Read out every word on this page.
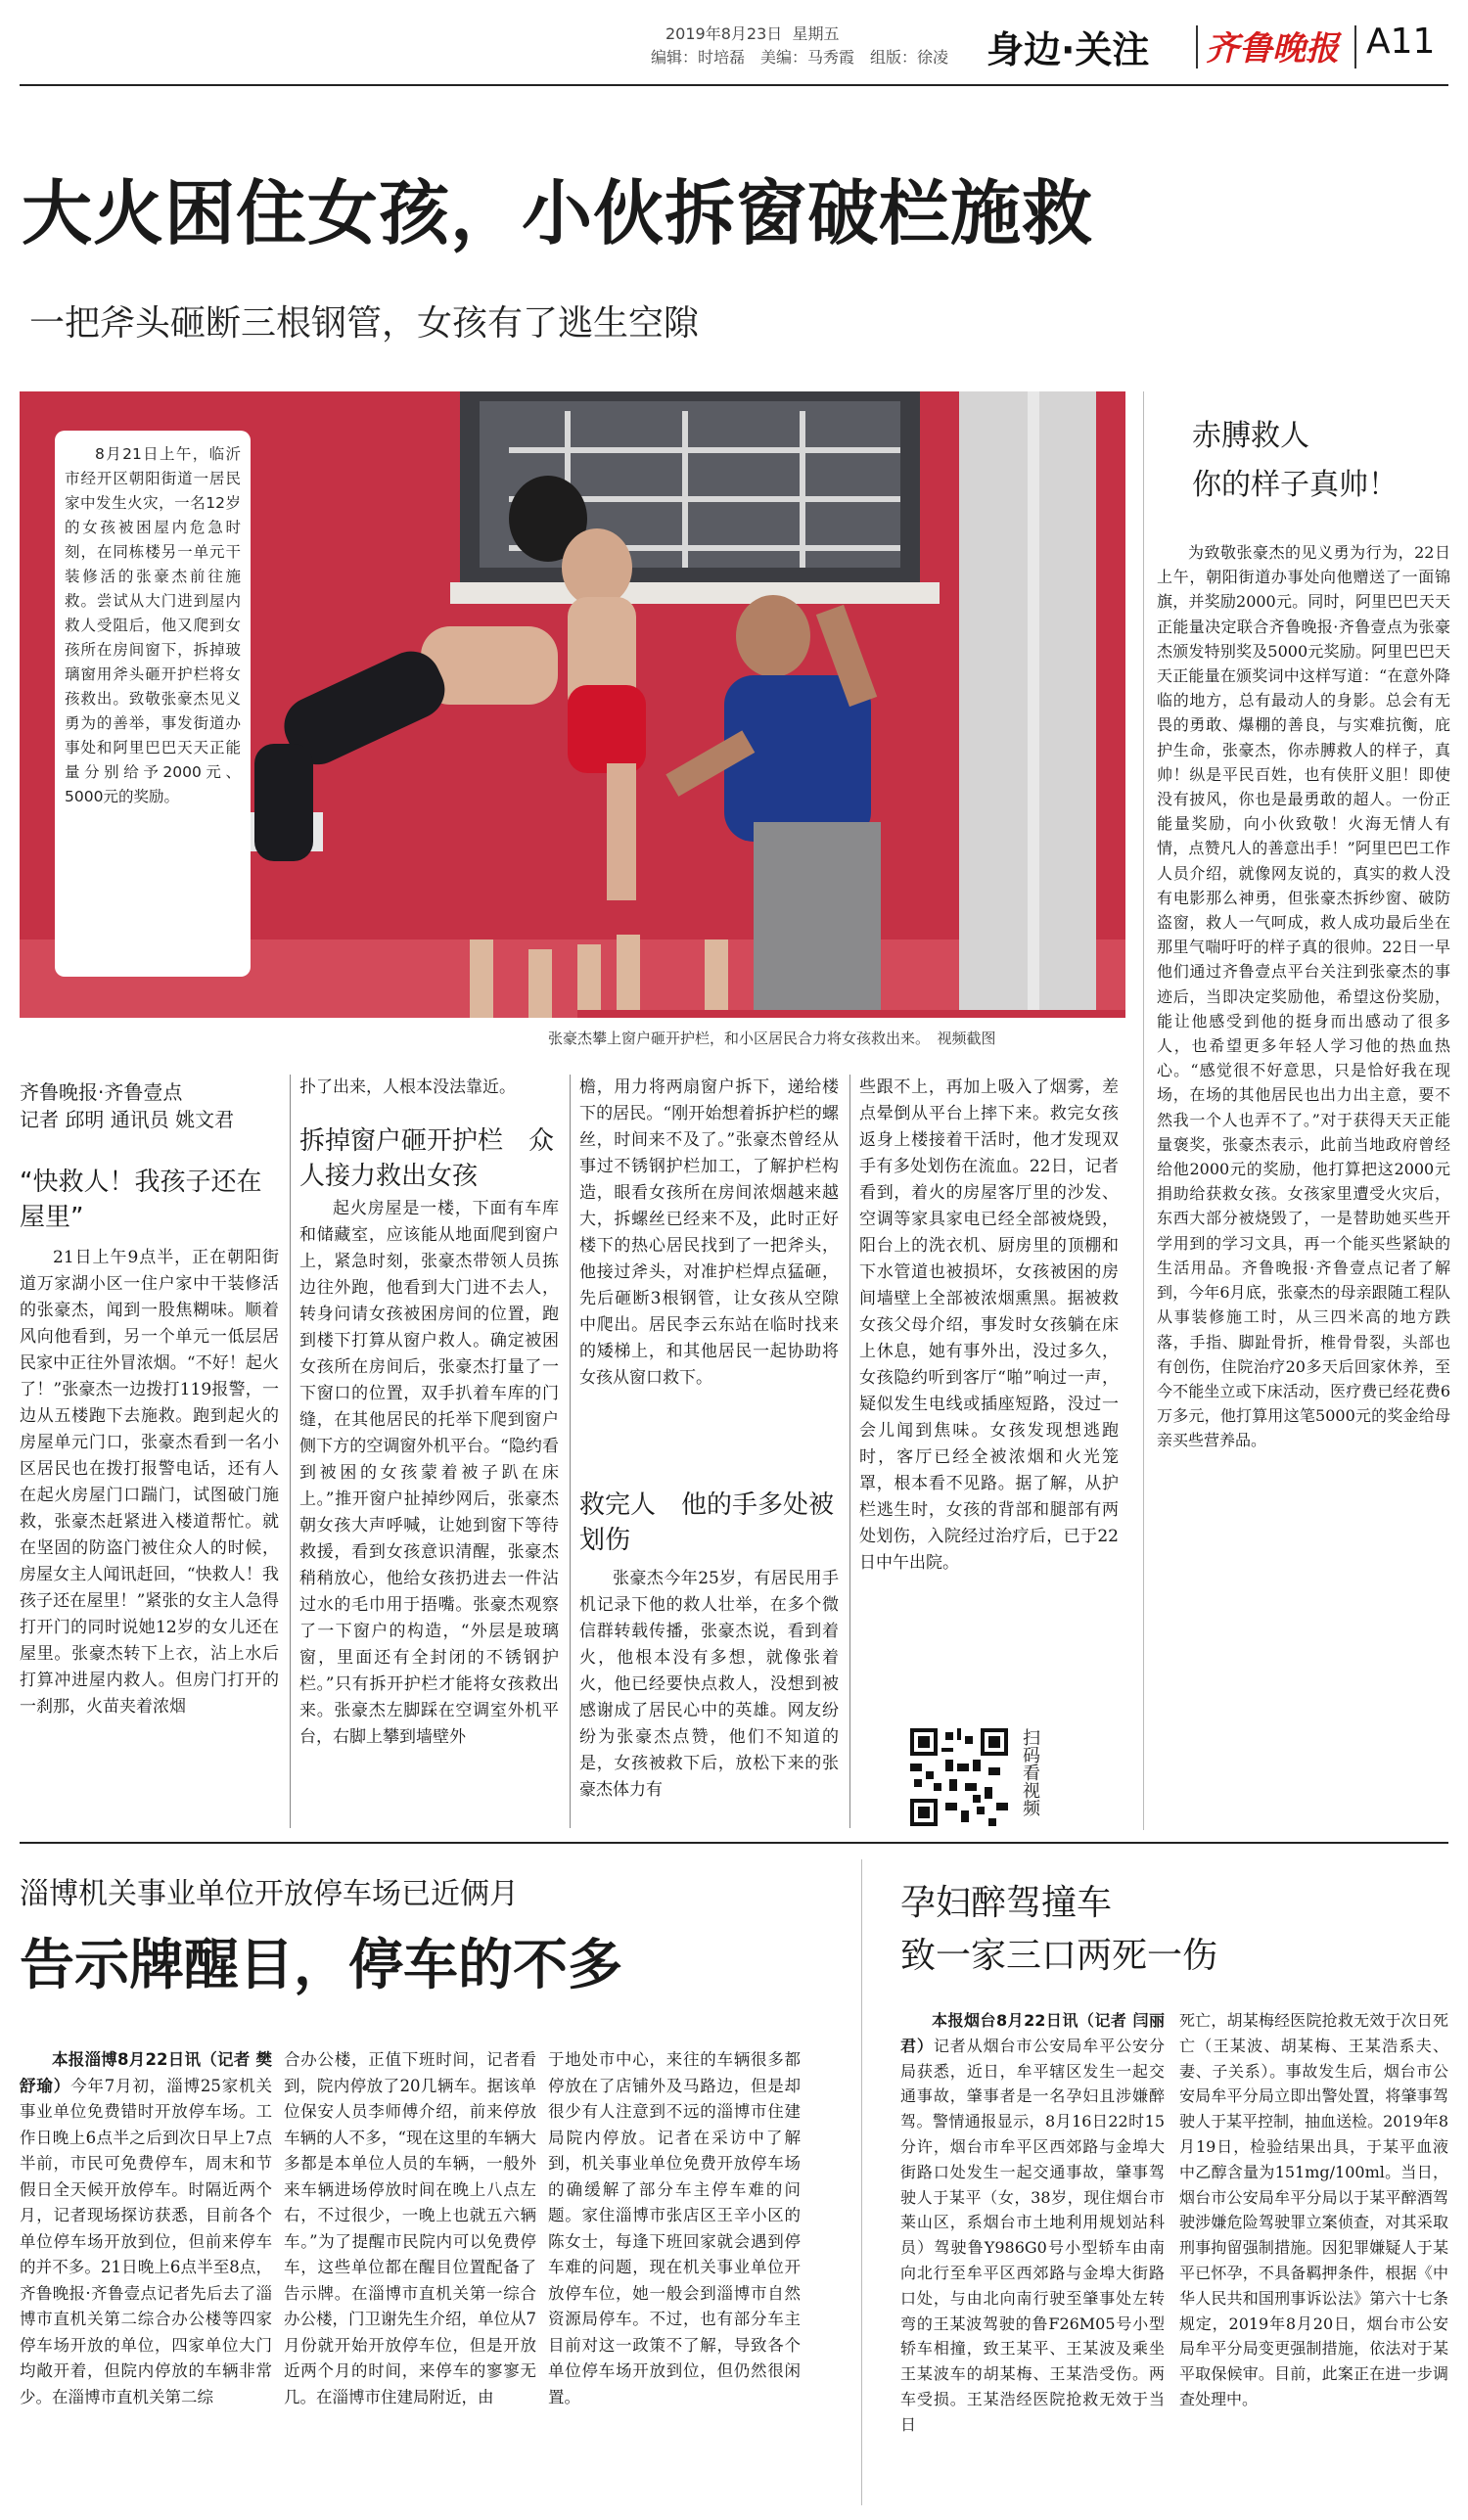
2019年8月23日 星期五
编辑：时培磊　美编：马秀霞　组版：徐凌 身边·关注 齐鲁晚报 A11
大火困住女孩，小伙拆窗破栏施救
一把斧头砸断三根钢管，女孩有了逃生空隙
8月21日上午，临沂市经开区朝阳街道一居民家中发生火灾，一名12岁的女孩被困屋内危急时刻，在同栋楼另一单元干装修活的张豪杰前往施救。尝试从大门进到屋内救人受阻后，他又爬到女孩所在房间窗下，拆掉玻璃窗用斧头砸开护栏将女孩救出。致敬张豪杰见义勇为的善举，事发街道办事处和阿里巴巴天天正能量分别给予2000元、5000元的奖励。
张豪杰攀上窗户砸开护栏，和小区居民合力将女孩救出来。　视频截图
齐鲁晚报·齐鲁壹点
记者 邱明 通讯员 姚文君
“快救人！我孩子还在屋里”

21日上午9点半，正在朝阳街道万家湖小区一住户家中干装修活的张豪杰，闻到一股焦糊味。顺着风向他看到，另一个单元一低层居民家中正往外冒浓烟。“不好！起火了！”张豪杰一边拨打119报警，一边从五楼跑下去施救。跑到起火的房屋单元门口，张豪杰看到一名小区居民也在拨打报警电话，还有人在起火房屋门口踹门，试图破门施救，张豪杰赶紧进入楼道帮忙。就在坚固的防盗门被住众人的时候，房屋女主人闻讯赶回，“快救人！我孩子还在屋里！”紧张的女主人急得打开门的同时说她12岁的女儿还在屋里。张豪杰转下上衣，沾上水后打算冲进屋内救人。但房门打开的一刹那，火苗夹着浓烟

扑了出来，人根本没法靠近。

拆掉窗户砸开护栏　众人接力救出女孩

起火房屋是一楼，下面有车库和储藏室，应该能从地面爬到窗户上，紧急时刻，张豪杰带领人员拣边往外跑，他看到大门进不去人，转身问请女孩被困房间的位置，跑到楼下打算从窗户救人。确定被困女孩所在房间后，张豪杰打量了一下窗口的位置，双手扒着车库的门缝，在其他居民的托举下爬到窗户侧下方的空调窗外机平台。“隐约看到被困的女孩蒙着被子趴在床上。”推开窗户扯掉纱网后，张豪杰朝女孩大声呼喊，让她到窗下等待救援，看到女孩意识清醒，张豪杰稍稍放心，他给女孩扔进去一件沾过水的毛巾用于捂嘴。张豪杰观察了一下窗户的构造，“外层是玻璃窗，里面还有全封闭的不锈钢护栏。”只有拆开护栏才能将女孩救出来。张豪杰左脚踩在空调室外机平台，右脚上攀到墙壁外

檐，用力将两扇窗户拆下，递给楼下的居民。“刚开始想着拆护栏的螺丝，时间来不及了。”张豪杰曾经从事过不锈钢护栏加工，了解护栏构造，眼看女孩所在房间浓烟越来越大，拆螺丝已经来不及，此时正好楼下的热心居民找到了一把斧头，他接过斧头，对准护栏焊点猛砸，先后砸断3根钢管，让女孩从空隙中爬出。居民李云东站在临时找来的矮梯上，和其他居民一起协助将女孩从窗口救下。

救完人　他的手多处被划伤

张豪杰今年25岁，有居民用手机记录下他的救人壮举，在多个微信群转载传播，张豪杰说，看到着火，他根本没有多想，就像张着火，他已经要快点救人，没想到被感谢成了居民心中的英雄。网友纷纷为张豪杰点赞，他们不知道的是，女孩被救下后，放松下来的张豪杰体力有

些跟不上，再加上吸入了烟雾，差点晕倒从平台上摔下来。救完女孩返身上楼接着干活时，他才发现双手有多处划伤在流血。22日，记者看到，着火的房屋客厅里的沙发、空调等家具家电已经全部被烧毁，阳台上的洗衣机、厨房里的顶棚和下水管道也被损坏，女孩被困的房间墙壁上全部被浓烟熏黑。据被救女孩父母介绍，事发时女孩躺在床上休息，她有事外出，没过多久，女孩隐约听到客厅“啪”响过一声，疑似发生电线或插座短路，没过一会儿闻到焦味。女孩发现想逃跑时，客厅已经全被浓烟和火光笼罩，根本看不见路。据了解，从护栏逃生时，女孩的背部和腿部有两处划伤，入院经过治疗后，已于22日中午出院。

扫码看视频
赤膊救人
你的样子真帅！

为致敬张豪杰的见义勇为行为，22日上午，朝阳街道办事处向他赠送了一面锦旗，并奖励2000元。同时，阿里巴巴天天正能量决定联合齐鲁晚报·齐鲁壹点为张豪杰颁发特别奖及5000元奖励。阿里巴巴天天正能量在颁奖词中这样写道：“在意外降临的地方，总有最动人的身影。总会有无畏的勇敢、爆棚的善良，与实难抗衡，庇护生命，张豪杰，你赤膊救人的样子，真帅！纵是平民百姓，也有侠肝义胆！即使没有披风，你也是最勇敢的超人。一份正能量奖励，向小伙致敬！火海无情人有情，点赞凡人的善意出手！”阿里巴巴工作人员介绍，就像网友说的，真实的救人没有电影那么神勇，但张豪杰拆纱窗、破防盗窗，救人一气呵成，救人成功最后坐在那里气喘吁吁的样子真的很帅。22日一早他们通过齐鲁壹点平台关注到张豪杰的事迹后，当即决定奖励他，希望这份奖励，能让他感受到他的挺身而出感动了很多人，也希望更多年轻人学习他的热血热心。“感觉很不好意思，只是恰好我在现场，在场的其他居民也出力出主意，要不然我一个人也弄不了。”对于获得天天正能量褒奖，张豪杰表示，此前当地政府曾经给他2000元的奖励，他打算把这2000元捐助给获救女孩。女孩家里遭受火灾后，东西大部分被烧毁了，一是替助她买些开学用到的学习文具，再一个能买些紧缺的生活用品。齐鲁晚报·齐鲁壹点记者了解到，今年6月底，张豪杰的母亲跟随工程队从事装修施工时，从三四米高的地方跌落，手指、脚趾骨折，椎骨骨裂，头部也有创伤，住院治疗20多天后回家休养，至今不能坐立或下床活动，医疗费已经花费6万多元，他打算用这笔5000元的奖金给母亲买些营养品。

淄博机关事业单位开放停车场已近俩月
告示牌醒目，停车的不多

本报淄博8月22日讯（记者 樊舒瑜）今年7月初，淄博25家机关事业单位免费错时开放停车场。工作日晚上6点半之后到次日早上7点半前，市民可免费停车，周末和节假日全天候开放停车。时隔近两个月，记者现场探访获悉，目前各个单位停车场开放到位，但前来停车的并不多。21日晚上6点半至8点，齐鲁晚报·齐鲁壹点记者先后去了淄博市直机关第二综合办公楼等四家停车场开放的单位，四家单位大门均敞开着，但院内停放的车辆非常少。在淄博市直机关第二综

合办公楼，正值下班时间，记者看到，院内停放了20几辆车。据该单位保安人员李师傅介绍，前来停放车辆的人不多，“现在这里的车辆大多都是本单位人员的车辆，一般外来车辆进场停放时间在晚上八点左右，不过很少，一晚上也就五六辆车。”为了提醒市民院内可以免费停车，这些单位都在醒目位置配备了告示牌。在淄博市直机关第一综合办公楼，门卫谢先生介绍，单位从7月份就开始开放停车位，但是开放近两个月的时间，来停车的寥寥无几。在淄博市住建局附近，由

于地处市中心，来往的车辆很多都停放在了店铺外及马路边，但是却很少有人注意到不远的淄博市住建局院内停放。记者在采访中了解到，机关事业单位免费开放停车场的确缓解了部分车主停车难的问题。家住淄博市张店区王辛小区的陈女士，每逢下班回家就会遇到停车难的问题，现在机关事业单位开放停车位，她一般会到淄博市自然资源局停车。不过，也有部分车主目前对这一政策不了解，导致各个单位停车场开放到位，但仍然很闲置。

孕妇醉驾撞车
致一家三口两死一伤

本报烟台8月22日讯（记者 闫丽君）记者从烟台市公安局牟平公安分局获悉，近日，牟平辖区发生一起交通事故，肇事者是一名孕妇且涉嫌醉驾。警情通报显示，8月16日22时15分许，烟台市牟平区西郊路与金埠大街路口处发生一起交通事故，肇事驾驶人于某平（女，38岁，现住烟台市莱山区，系烟台市土地利用规划站科员）驾驶鲁Y986G0号小型轿车由南向北行至牟平区西郊路与金埠大街路口处，与由北向南行驶至肇事处左转弯的王某波驾驶的鲁F26M05号小型轿车相撞，致王某平、王某波及乘坐王某波车的胡某梅、王某浩受伤。两车受损。王某浩经医院抢救无效于当日

死亡，胡某梅经医院抢救无效于次日死亡（王某波、胡某梅、王某浩系夫、妻、子关系）。事故发生后，烟台市公安局牟平分局立即出警处置，将肇事驾驶人于某平控制，抽血送检。2019年8月19日，检验结果出具，于某平血液中乙醇含量为151mg/100ml。当日，烟台市公安局牟平分局以于某平醉酒驾驶涉嫌危险驾驶罪立案侦查，对其采取刑事拘留强制措施。因犯罪嫌疑人于某平已怀孕，不具备羁押条件，根据《中华人民共和国刑事诉讼法》第六十七条规定，2019年8月20日，烟台市公安局牟平分局变更强制措施，依法对于某平取保候审。目前，此案正在进一步调查处理中。
